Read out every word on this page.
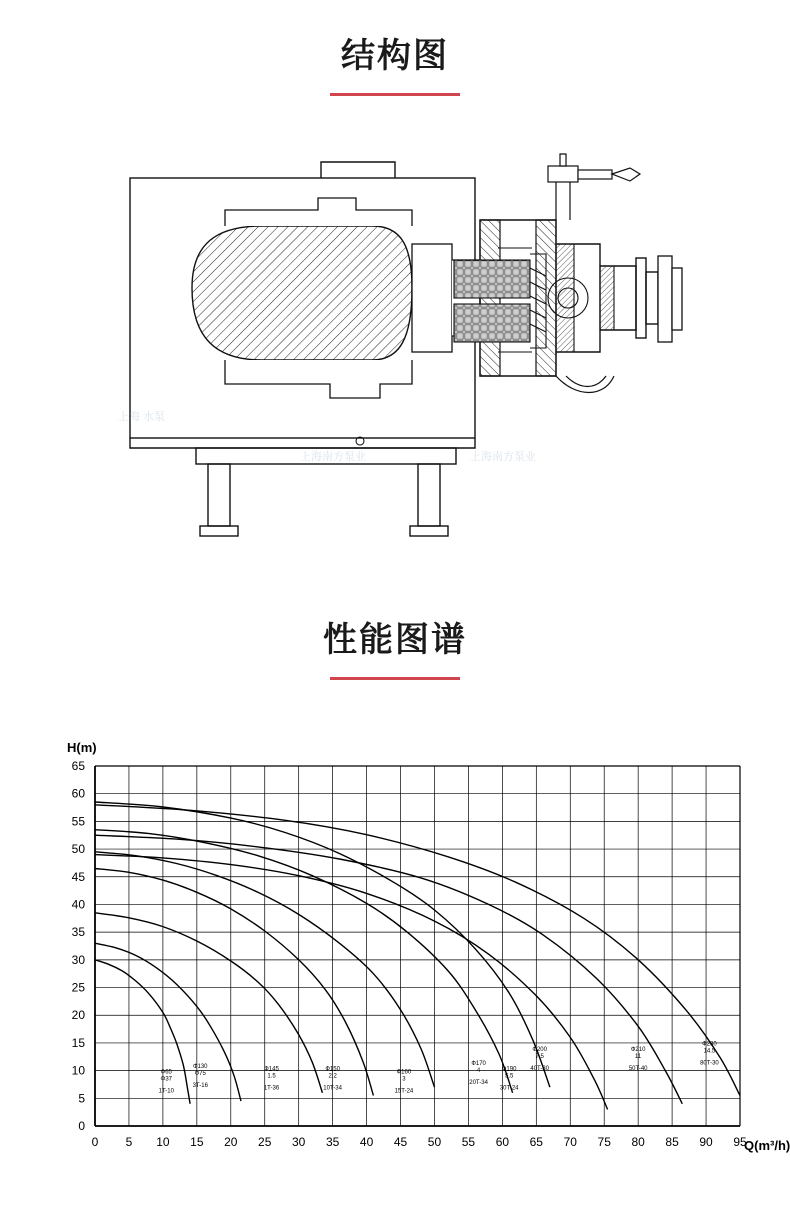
结构图
上海 水泵
上海南方泵业	上海南方泵业
性能图谱
0 5 10 15 20 25 30 35 40 45 50 55 60 65 70 75 80 85 90 95
0
5
10
15
20
25
30
35
40
45
50
55
60
65
Ф65
Φ37
1T-10
Ф130
Ф75
3T-16
Ф145
1.5
1T-36
Ф150
2.2
10T-34
Ф160
3
15T-24
Ф170
4
20T-34
Ф190
5.5
30T-24
Ф200
7.5
40T-30
Ф210
11
50T-40
Ф230
14.5
80T-30
H(m)
Q(m³/h)
